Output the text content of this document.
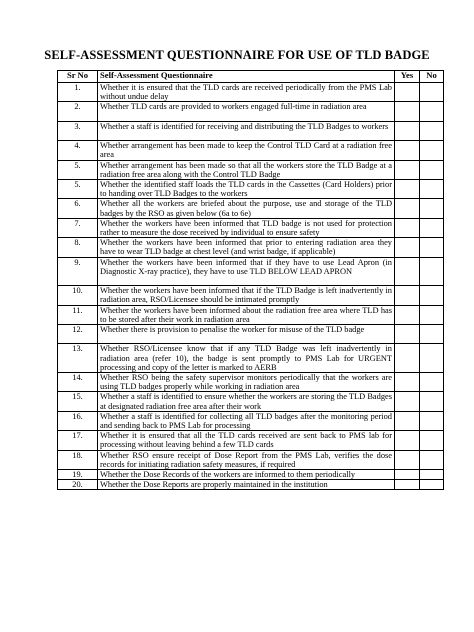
SELF-ASSESSMENT QUESTIONNAIRE FOR USE OF TLD BADGE
Sr No	Self-Assessment Questionnaire	Yes	No
1.	Whether it is ensured that the TLD cards are received periodically from the PMS Lab without undue delay		
2.	Whether TLD cards are provided to workers engaged full-time in radiation area		
3.	Whether a staff is identified for receiving and distributing the TLD Badges to workers		
4.	Whether arrangement has been made to keep the Control TLD Card at a radiation free area		
5.	Whether arrangement has been made so that all the workers store the TLD Badge at a radiation free area along with the Control TLD Badge		
5.	Whether the identified staff loads the TLD cards in the Cassettes (Card Holders) prior to handing over TLD Badges to the workers		
6.	Whether all the workers are briefed about the purpose, use and storage of the TLD badges by the RSO as given below (6a to 6e)		
7.	Whether the workers have been informed that TLD badge is not used for protection rather to measure the dose received by individual to ensure safety		
8.	Whether the workers have been informed that prior to entering radiation area they have to wear TLD badge at chest level (and wrist badge, if applicable)		
9.	Whether the workers have been informed that if they have to use Lead Apron (in Diagnostic X-ray practice), they have to use TLD BELOW LEAD APRON		
10.	Whether the workers have been informed that if the TLD Badge is left inadvertently in radiation area, RSO/Licensee should be intimated promptly		
11.	Whether the workers have been informed about the radiation free area where TLD has to be stored after their work in radiation area		
12.	Whether there is provision to penalise the worker for misuse of the TLD badge		
13.	Whether RSO/Licensee know that if any TLD Badge was left inadvertently in radiation area (refer 10), the badge is sent promptly to PMS Lab for URGENT processing and copy of the letter is marked to AERB		
14.	Whether RSO being the safety supervisor monitors periodically that the workers are using TLD badges properly while working in radiation area		
15.	Whether a staff is identified to ensure whether the workers are storing the TLD Badges at designated radiation free area after their work		
16.	Whether a staff is identified for collecting all TLD badges after the monitoring period and sending back to PMS Lab for processing		
17.	Whether it is ensured that all the TLD cards received are sent back to PMS lab for processing without leaving behind a few TLD cards		
18.	Whether RSO ensure receipt of Dose Report from the PMS Lab, verifies the dose records for initiating radiation safety measures, if required		
19.	Whether the Dose Records of the workers are informed to them periodically		
20.	Whether the Dose Reports are properly maintained in the institution		
